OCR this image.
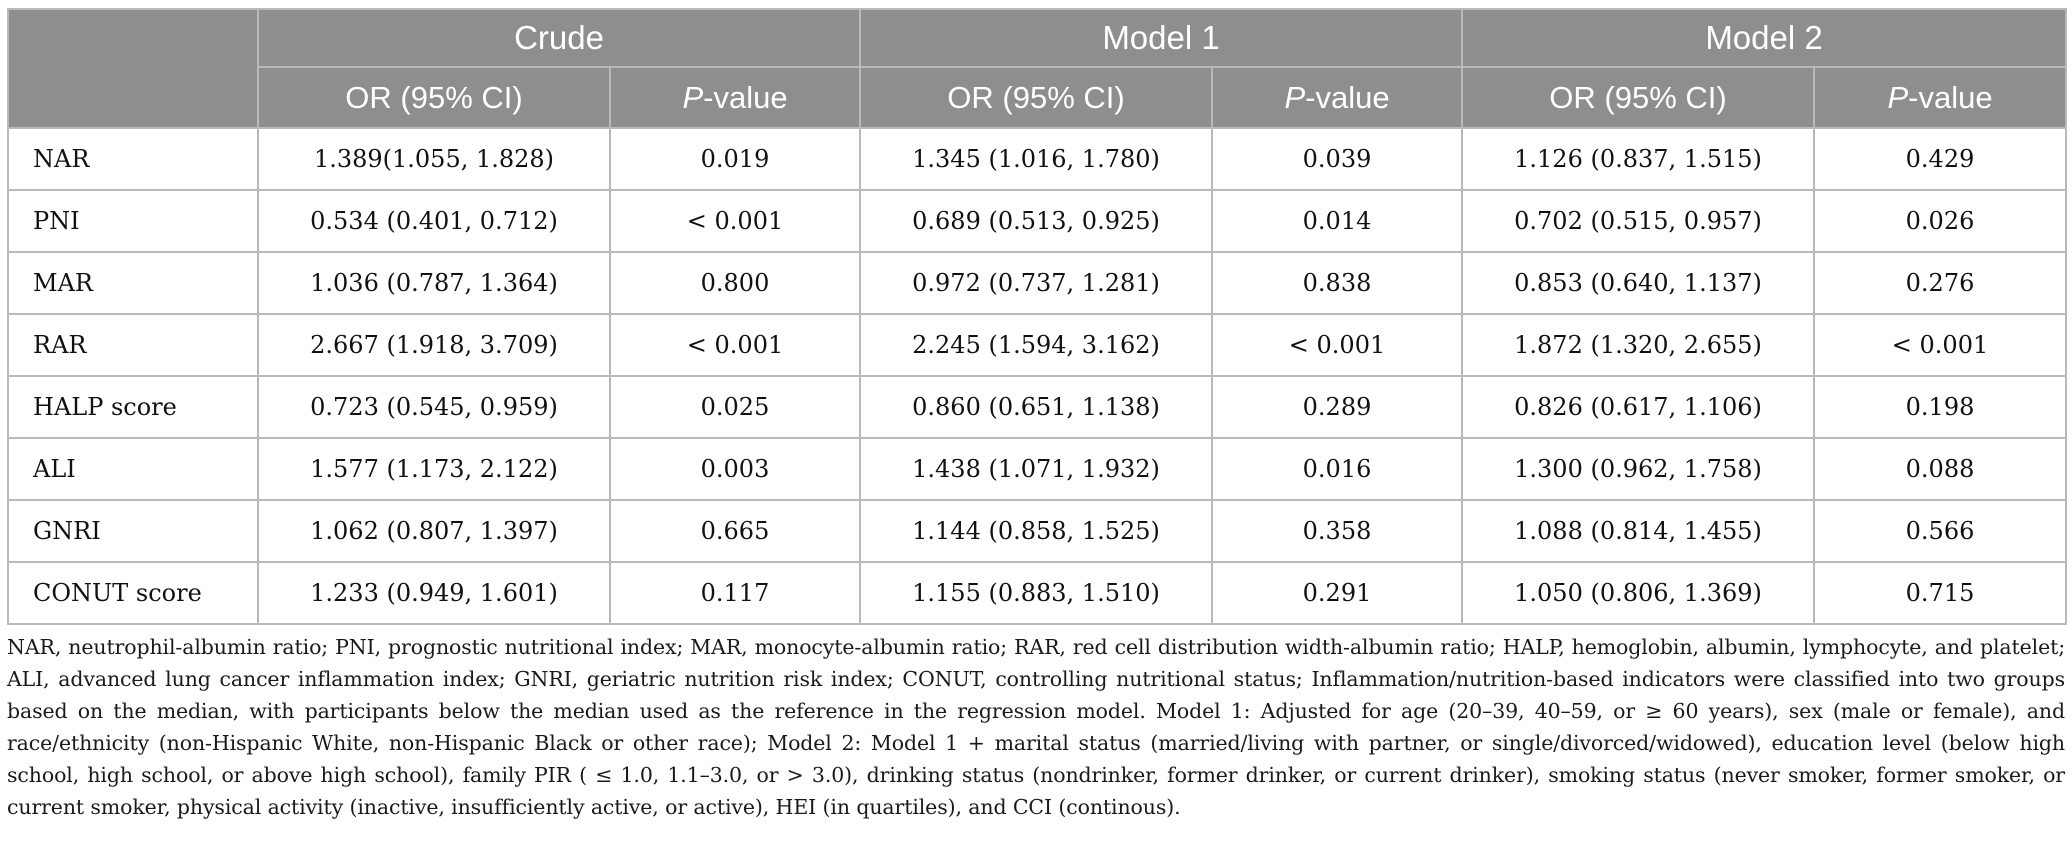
	Crude		Model 1		Model 2	
	OR (95% CI)	P-value	OR (95% CI)	P-value	OR (95% CI)	P-value
NAR	1.389(1.055, 1.828)	0.019	1.345 (1.016, 1.780)	0.039	1.126 (0.837, 1.515)	0.429
PNI	0.534 (0.401, 0.712)	< 0.001	0.689 (0.513, 0.925)	0.014	0.702 (0.515, 0.957)	0.026
MAR	1.036 (0.787, 1.364)	0.800	0.972 (0.737, 1.281)	0.838	0.853 (0.640, 1.137)	0.276
RAR	2.667 (1.918, 3.709)	< 0.001	2.245 (1.594, 3.162)	< 0.001	1.872 (1.320, 2.655)	< 0.001
HALP score	0.723 (0.545, 0.959)	0.025	0.860 (0.651, 1.138)	0.289	0.826 (0.617, 1.106)	0.198
ALI	1.577 (1.173, 2.122)	0.003	1.438 (1.071, 1.932)	0.016	1.300 (0.962, 1.758)	0.088
GNRI	1.062 (0.807, 1.397)	0.665	1.144 (0.858, 1.525)	0.358	1.088 (0.814, 1.455)	0.566
CONUT score	1.233 (0.949, 1.601)	0.117	1.155 (0.883, 1.510)	0.291	1.050 (0.806, 1.369)	0.715
NAR, neutrophil-albumin ratio; PNI, prognostic nutritional index; MAR, monocyte-albumin ratio; RAR, red cell distribution width-albumin ratio; HALP, hemoglobin, albumin, lymphocyte, and platelet; ALI, advanced lung cancer inflammation index; GNRI, geriatric nutrition risk index; CONUT, controlling nutritional status; Inflammation/nutrition-based indicators were classified into two groups based on the median, with participants below the median used as the reference in the regression model. Model 1: Adjusted for age (20–39, 40–59, or ≥ 60 years), sex (male or female), and race/ethnicity (non-Hispanic White, non-Hispanic Black or other race); Model 2: Model 1 + marital status (married/living with partner, or single/divorced/widowed), education level (below high school, high school, or above high school), family PIR ( ≤ 1.0, 1.1–3.0, or > 3.0), drinking status (nondrinker, former drinker, or current drinker), smoking status (never smoker, former smoker, or current smoker, physical activity (inactive, insufficiently active, or active), HEI (in quartiles), and CCI (continous).
